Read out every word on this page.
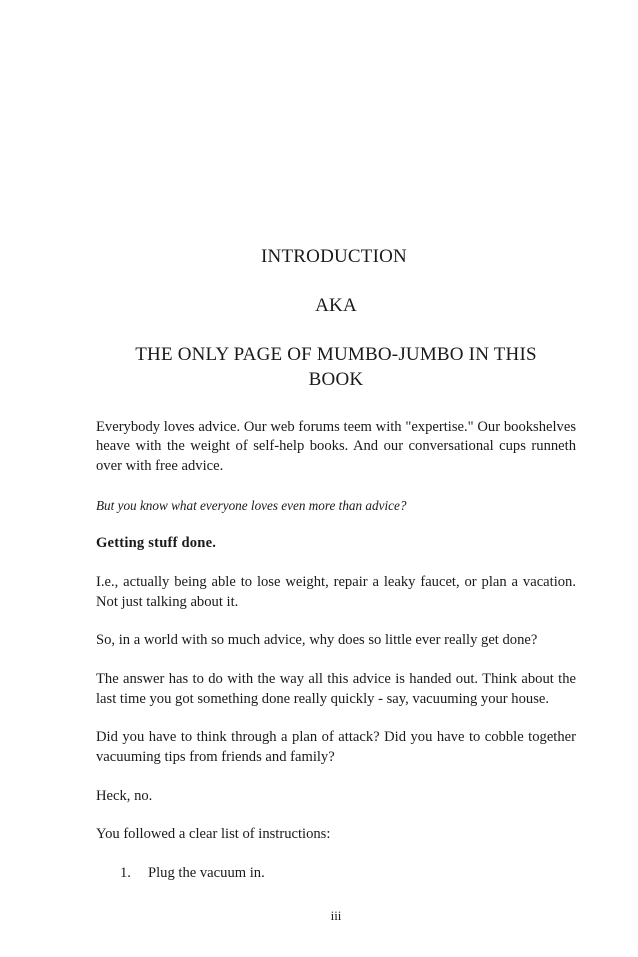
INTRODUCTION
AKA
THE ONLY PAGE OF MUMBO-JUMBO IN THIS
BOOK

Everybody loves advice. Our web forums teem with "expertise." Our bookshelves heave with the weight of self-help books. And our conversational cups runneth over with free advice.

But you know what everyone loves even more than advice?

Getting stuff done.

I.e., actually being able to lose weight, repair a leaky faucet, or plan a vacation. Not just talking about it.

So, in a world with so much advice, why does so little ever really get done?

The answer has to do with the way all this advice is handed out. Think about the last time you got something done really quickly - say, vacuuming your house.

Did you have to think through a plan of attack? Did you have to cobble together vacuuming tips from friends and family?

Heck, no.

You followed a clear list of instructions:

1. Plug the vacuum in.
iii
